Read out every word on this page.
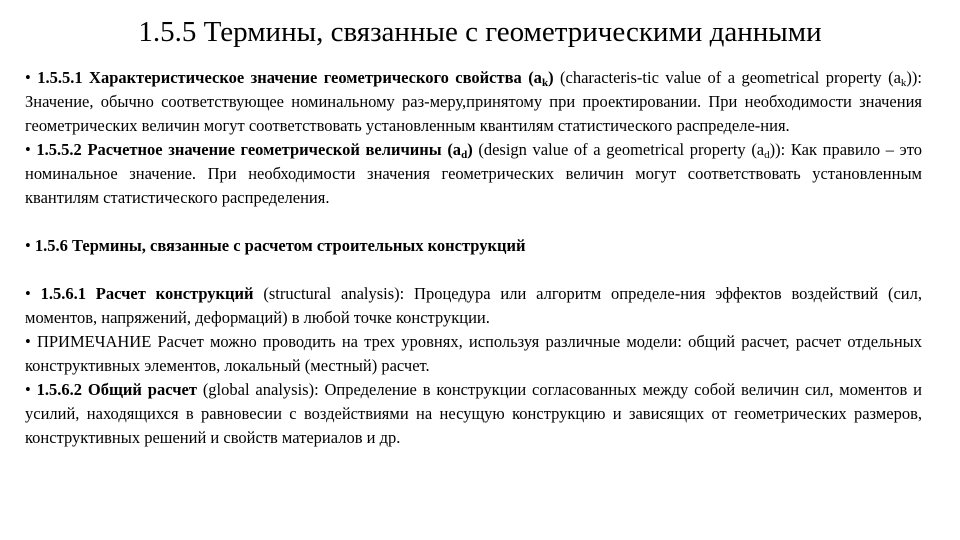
1.5.5 Термины, связанные с геометрическими данными

• 1.5.5.1 Характеристическое значение геометрического свойства $(a_k)$ (characteris-tic value of a geometrical property $(a_k)$): Значение, обычно соответствующее номинальному раз-меру,принятому при проектировании. При необходимости значения геометрических величин могут соответствовать установленным квантилям статистического распределе-ния.

• 1.5.5.2 Расчетное значение геометрической величины $(a_d)$ (design value of a geometrical property $(a_d)$): Как правило – это номинальное значение. При необходимости значения геометрических величин могут соответствовать установленным квантилям статистического распределения.

• 1.5.6 Термины, связанные с расчетом строительных конструкций

• 1.5.6.1 Расчет конструкций (structural analysis): Процедура или алгоритм определе-ния эффектов воздействий (сил, моментов, напряжений, деформаций) в любой точке конструкции.

• ПРИМЕЧАНИЕ Расчет можно проводить на трех уровнях, используя различные модели: общий расчет, расчет отдельных конструктивных элементов, локальный (местный) расчет.

• 1.5.6.2 Общий расчет (global analysis): Определение в конструкции согласованных между собой величин сил, моментов и усилий, находящихся в равновесии с воздействиями на несущую конструкцию и зависящих от геометрических размеров, конструктивных решений и свойств материалов и др.
